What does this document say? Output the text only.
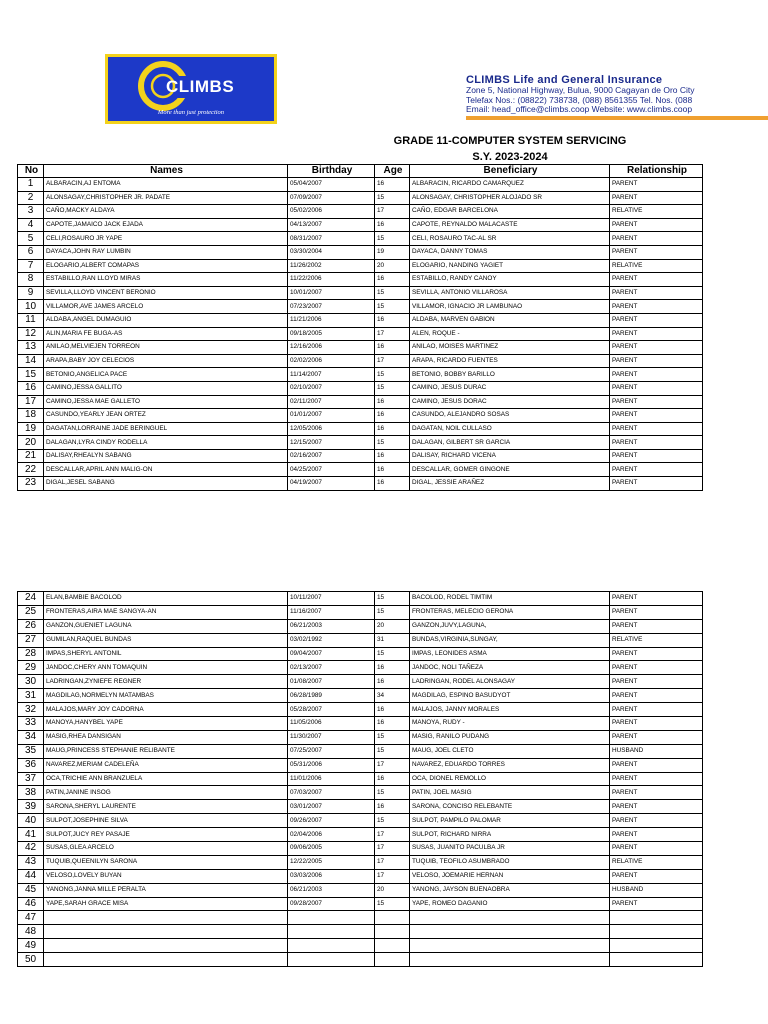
CLIMBS
More than just protection
CLIMBS Life and General Insurance
Zone 5, National Highway, Bulua, 9000 Cagayan de Oro City
Telefax Nos.: (08822) 738738, (088) 8561355 Tel. Nos. (088
Email: head_office@climbs.coop Website: www.climbs.coop
GRADE 11-COMPUTER SYSTEM SERVICING
S.Y. 2023-2024
No	Names	Birthday	Age	Beneficiary	Relationship
1	ALBARACIN,AJ ENTOMA	05/04/2007	16	ALBARACIN, RICARDO CAMARQUEZ	PARENT
2	ALONSAGAY,CHRISTOPHER JR. PADATE	07/09/2007	15	ALONSAGAY, CHRISTOPHER ALOJADO SR	PARENT
3	CAÑO,MACKY ALDAYA	05/02/2006	17	CAÑO, EDGAR BARCELONA	RELATIVE
4	CAPOTE,JAMAICO JACK EJADA	04/13/2007	16	CAPOTE, REYNALDO MALACASTE	PARENT
5	CELI,ROSAURO JR YAPE	08/31/2007	15	CELI, ROSAURO TAC-AL SR	PARENT
6	DAYACA,JOHN RAY LUMBIN	03/30/2004	19	DAYACA, DANNY TOMAS	PARENT
7	ELOGARIO,ALBERT COMAPAS	11/26/2002	20	ELOGARIO, NANDING YAGIET	RELATIVE
8	ESTABILLO,RAN LLOYD MIRAS	11/22/2006	16	ESTABILLO, RANDY CANOY	PARENT
9	SEVILLA,LLOYD VINCENT BERONIO	10/01/2007	15	SEVILLA, ANTONIO VILLAROSA	PARENT
10	VILLAMOR,AVE JAMES ARCELO	07/23/2007	15	VILLAMOR, IGNACIO JR LAMBUNAO	PARENT
11	ALDABA,ANGEL DUMAGUIO	11/21/2006	16	ALDABA, MARVEN GABION	PARENT
12	ALIN,MARIA FE BUGA-AS	09/18/2005	17	ALEN, ROQUE -	PARENT
13	ANILAO,MELVIEJEN TORREON	12/16/2006	16	ANILAO, MOISES MARTINEZ	PARENT
14	ARAPA,BABY JOY CELECIOS	02/02/2006	17	ARAPA, RICARDO FUENTES	PARENT
15	BETONIO,ANGELICA PACE	11/14/2007	15	BETONIO, BOBBY BARILLO	PARENT
16	CAMINO,JESSA GALLITO	02/10/2007	15	CAMINO, JESUS DURAC	PARENT
17	CAMINO,JESSA MAE GALLETO	02/11/2007	16	CAMINO, JESUS DORAC	PARENT
18	CASUNDO,YEARLY JEAN ORTEZ	01/01/2007	16	CASUNDO, ALEJANDRO SOSAS	PARENT
19	DAGATAN,LORRAINE JADE BERINGUEL	12/05/2006	16	DAGATAN, NOIL CULLASO	PARENT
20	DALAGAN,LYRA CINDY RODELLA	12/15/2007	15	DALAGAN, GILBERT SR GARCIA	PARENT
21	DALISAY,RHEALYN SABANG	02/16/2007	16	DALISAY, RICHARD VICENA	PARENT
22	DESCALLAR,APRIL ANN MALIG-ON	04/25/2007	16	DESCALLAR, GOMER GINGONE	PARENT
23	DIGAL,JESEL SABANG	04/19/2007	16	DIGAL, JESSIE ARAÑEZ	PARENT
24	ELAN,BAMBIE BACOLOD	10/11/2007	15	BACOLOD, RODEL TIMTIM	PARENT
25	FRONTERAS,AIRA MAE SANGYA-AN	11/16/2007	15	FRONTERAS, MELECIO GERONA	PARENT
26	GANZON,GUENIET LAGUNA	06/21/2003	20	GANZON,JUVY,LAGUNA,	PARENT
27	GUMILAN,RAQUEL BUNDAS	03/02/1992	31	BUNDAS,VIRGINIA,SUNGAY,	RELATIVE
28	IMPAS,SHERYL ANTONIL	09/04/2007	15	IMPAS, LEONIDES ASMA	PARENT
29	JANDOC,CHERY ANN TOMAQUIN	02/13/2007	16	JANDOC, NOLI TAÑEZA	PARENT
30	LADRINGAN,ZYNIEFE REGNER	01/08/2007	16	LADRINGAN, RODEL ALONSAGAY	PARENT
31	MAGDILAG,NORMELYN MATAMBAS	06/28/1989	34	MAGDILAG, ESPINO BASUDYOT	PARENT
32	MALAJOS,MARY JOY CADORNA	05/28/2007	16	MALAJOS, JANNY MORALES	PARENT
33	MANOYA,HANYBEL YAPE	11/05/2006	16	MANOYA, RUDY -	PARENT
34	MASIG,RHEA DANSIGAN	11/30/2007	15	MASIG, RANILO PUDANG	PARENT
35	MAUG,PRINCESS STEPHANIE RELIBANTE	07/25/2007	15	MAUG, JOEL CLETO	HUSBAND
36	NAVAREZ,MERIAM CADELEÑA	05/31/2006	17	NAVAREZ, EDUARDO TORRES	PARENT
37	OCA,TRICHIE ANN BRANZUELA	11/01/2006	16	OCA, DIONEL REMOLLO	PARENT
38	PATIN,JANINE INSOG	07/03/2007	15	PATIN, JOEL MASIG	PARENT
39	SARONA,SHERYL LAURENTE	03/01/2007	16	SARONA, CONCISO RELEBANTE	PARENT
40	SULPOT,JOSEPHINE SILVA	09/26/2007	15	SULPOT, PAMPILO PALOMAR	PARENT
41	SULPOT,JUCY REY PASAJE	02/04/2006	17	SULPOT, RICHARD NIRRA	PARENT
42	SUSAS,GLEA ARCELO	09/06/2005	17	SUSAS, JUANITO PACULBA JR	PARENT
43	TUQUIB,QUEENILYN SARONA	12/22/2005	17	TUQUIB, TEOFILO ASUMBRADO	RELATIVE
44	VELOSO,LOVELY BUYAN	03/03/2006	17	VELOSO, JOEMARIE HERNAN	PARENT
45	YANONG,JANNA MILLE PERALTA	06/21/2003	20	YANONG, JAYSON BUENAOBRA	HUSBAND
46	YAPE,SARAH GRACE MISA	09/28/2007	15	YAPE, ROMEO DAGANIO	PARENT
47					
48					
49					
50					
